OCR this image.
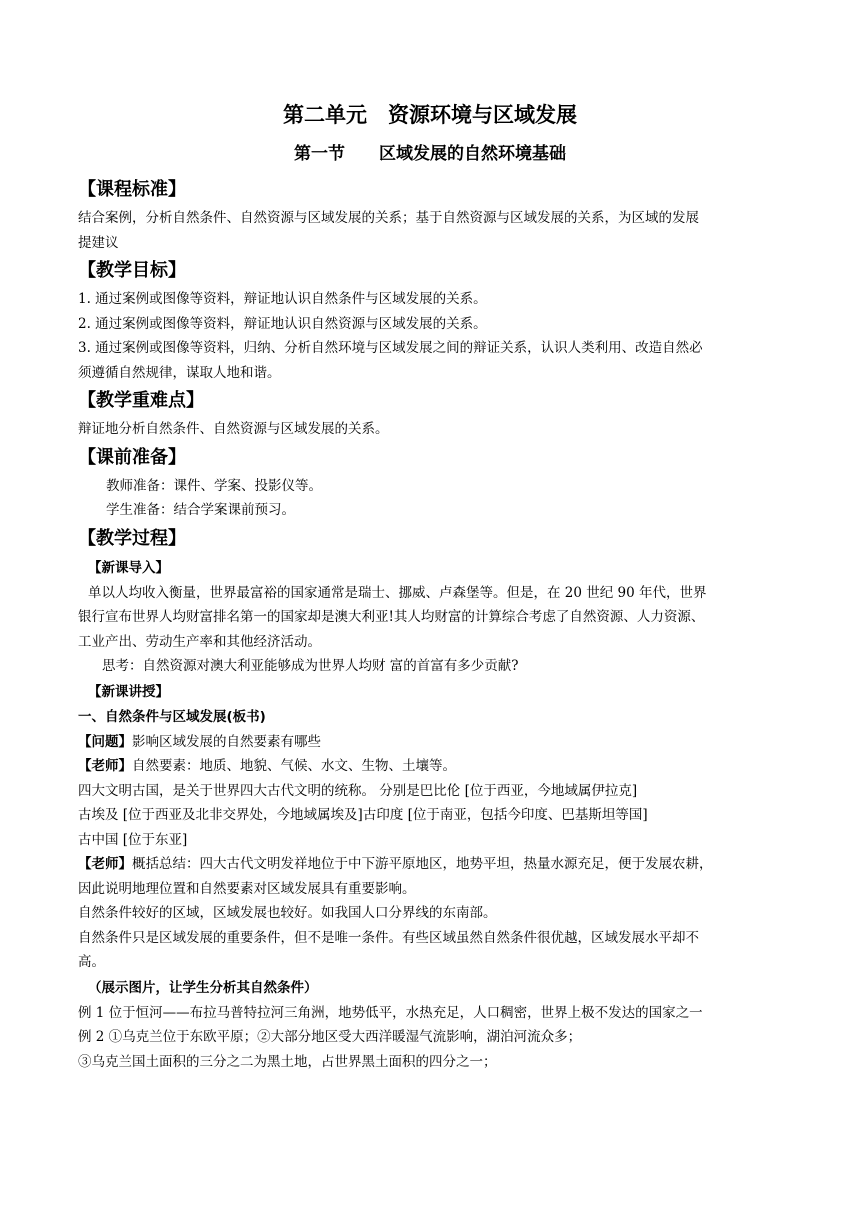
第二单元　资源环境与区域发展
第一节　　区域发展的自然环境基础
【课程标准】
结合案例，分析自然条件、自然资源与区域发展的关系；基于自然资源与区域发展的关系，为区域的发展
提建议
【教学目标】
1. 通过案例或图像等资料，辩证地认识自然条件与区域发展的关系。
2. 通过案例或图像等资料，辩证地认识自然资源与区域发展的关系。
3. 通过案例或图像等资料，归纳、分析自然环境与区域发展之间的辩证关系，认识人类利用、改造自然必
须遵循自然规律，谋取人地和谐。
【教学重难点】
辩证地分析自然条件、自然资源与区域发展的关系。
【课前准备】
教师准备：课件、学案、投影仪等。
学生准备：结合学案课前预习。
【教学过程】
【新课导入】
单以人均收入衡量，世界最富裕的国家通常是瑞士、挪威、卢森堡等。但是，在 20 世纪 90 年代，世界
银行宣布世界人均财富排名第一的国家却是澳大利亚!其人均财富的计算综合考虑了自然资源、人力资源、
工业产出、劳动生产率和其他经济活动。
思考：自然资源对澳大利亚能够成为世界人均财 富的首富有多少贡献?
【新课讲授】
一、自然条件与区域发展(板书)
【问题】影响区域发展的自然要素有哪些
【老师】自然要素：地质、地貌、气候、水文、生物、土壤等。
四大文明古国，是关于世界四大古代文明的统称。 分别是巴比伦 [位于西亚，今地域属伊拉克]
古埃及 [位于西亚及北非交界处，今地域属埃及]古印度 [位于南亚，包括今印度、巴基斯坦等国]
古中国 [位于东亚]
【老师】概括总结：四大古代文明发祥地位于中下游平原地区，地势平坦，热量水源充足，便于发展农耕，
因此说明地理位置和自然要素对区域发展具有重要影响。
自然条件较好的区域，区域发展也较好。如我国人口分界线的东南部。
自然条件只是区域发展的重要条件，但不是唯一条件。有些区域虽然自然条件很优越，区域发展水平却不
高。
（展示图片，让学生分析其自然条件）
例 1 位于恒河——布拉马普特拉河三角洲，地势低平，水热充足，人口稠密，世界上极不发达的国家之一
例 2 ①乌克兰位于东欧平原；②大部分地区受大西洋暖湿气流影响，湖泊河流众多；
③乌克兰国土面积的三分之二为黑土地，占世界黑土面积的四分之一；
